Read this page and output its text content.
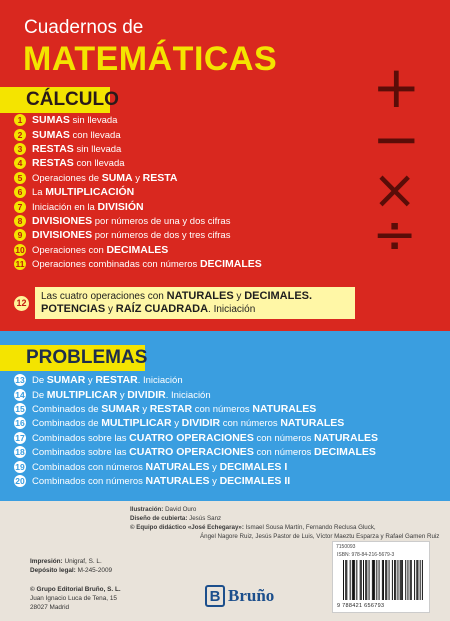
Cuadernos de
MATEMÁTICAS +
−
×
÷
CÁLCULO
1 SUMAS sin llevada
2 SUMAS con llevada
3 RESTAS sin llevada
4 RESTAS con llevada
5	Operaciones de SUMA y RESTA
6	La MULTIPLICACIÓN
7	Iniciación en la DIVISIÓN
8 DIVISIONES por números de una y dos cifras
9 DIVISIONES por números de dos y tres cifras
10 Operaciones con DECIMALES
11 Operaciones combinadas con números DECIMALES
12
Las cuatro operaciones con NATURALES y DECIMALES.
POTENCIAS y RAÍZ CUADRADA. Iniciación
PROBLEMAS
13 De SUMAR y RESTAR. Iniciación
14 De MULTIPLICAR y DIVIDIR. Iniciación
15 Combinados de SUMAR y RESTAR con números NATURALES
16 Combinados de MULTIPLICAR y DIVIDIR con números NATURALES
17 Combinados sobre las CUATRO OPERACIONES con números NATURALES
18 Combinados sobre las CUATRO OPERACIONES con números DECIMALES
19 Combinados con números NATURALES y DECIMALES I
20 Combinados con números NATURALES y DECIMALES II
Ilustración: David Ouro
Diseño de cubierta: Jesús Sanz
© Equipo didáctico «José Echegaray»: Ismael Sousa Martín, Fernando Reclusa Gluck,
Ángel Nagore Ruiz, Jesús Pastor de Luis, Víctor Maeztu Esparza y Rafael Gamen Ruiz
Impresión: Unigraf, S. L.
Depósito legal: M-245-2009
© Grupo Editorial Bruño, S. L.
Juan Ignacio Luca de Tena, 15
28027 Madrid
B Bruño
7150093
ISBN: 978-84-216-5679-3
9 788421 656793
